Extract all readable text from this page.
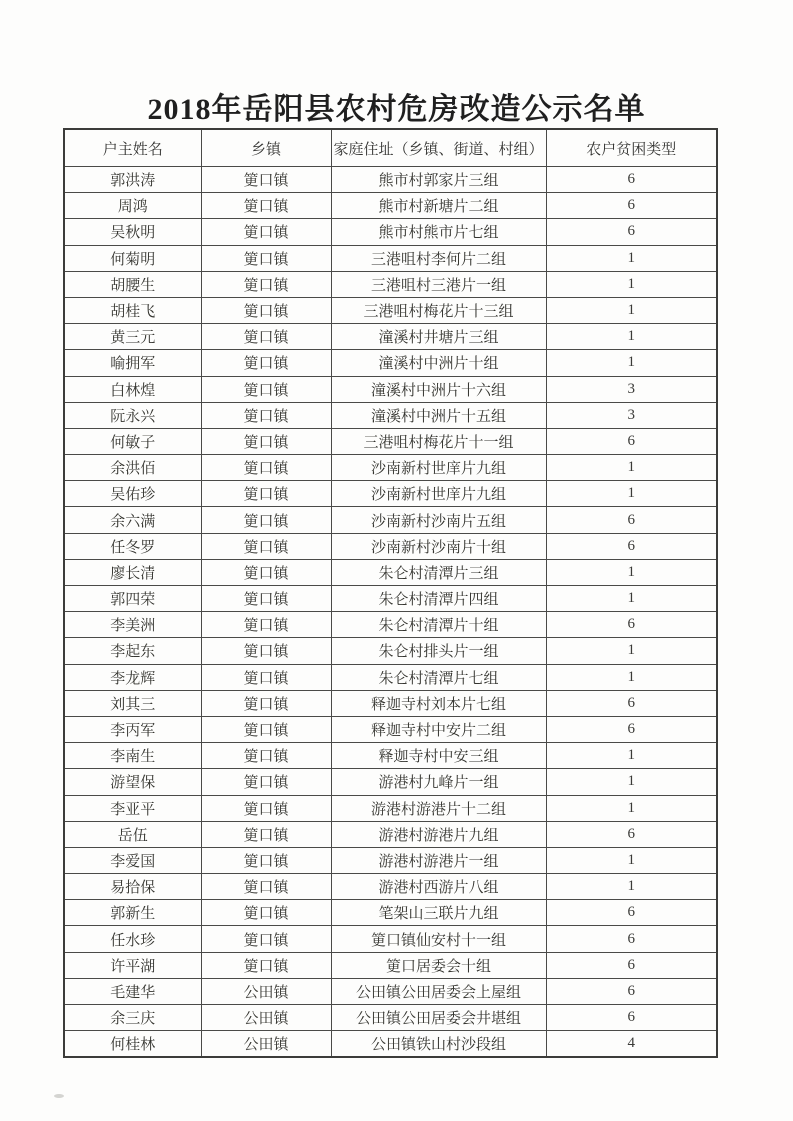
2018年岳阳县农村危房改造公示名单
户主姓名	乡镇	家庭住址（乡镇、街道、村组）	农户贫困类型
郭洪涛	筻口镇	熊市村郭家片三组	6
周鸿	筻口镇	熊市村新塘片二组	6
吴秋明	筻口镇	熊市村熊市片七组	6
何菊明	筻口镇	三港咀村李何片二组	1
胡腰生	筻口镇	三港咀村三港片一组	1
胡桂飞	筻口镇	三港咀村梅花片十三组	1
黄三元	筻口镇	潼溪村井塘片三组	1
喻拥军	筻口镇	潼溪村中洲片十组	1
白林煌	筻口镇	潼溪村中洲片十六组	3
阮永兴	筻口镇	潼溪村中洲片十五组	3
何敏子	筻口镇	三港咀村梅花片十一组	6
余洪佰	筻口镇	沙南新村世庠片九组	1
吴佑珍	筻口镇	沙南新村世庠片九组	1
余六满	筻口镇	沙南新村沙南片五组	6
任冬罗	筻口镇	沙南新村沙南片十组	6
廖长清	筻口镇	朱仑村清潭片三组	1
郭四荣	筻口镇	朱仑村清潭片四组	1
李美洲	筻口镇	朱仑村清潭片十组	6
李起东	筻口镇	朱仑村排头片一组	1
李龙辉	筻口镇	朱仑村清潭片七组	1
刘其三	筻口镇	释迦寺村刘本片七组	6
李丙军	筻口镇	释迦寺村中安片二组	6
李南生	筻口镇	释迦寺村中安三组	1
游望保	筻口镇	游港村九峰片一组	1
李亚平	筻口镇	游港村游港片十二组	1
岳伍	筻口镇	游港村游港片九组	6
李爱国	筻口镇	游港村游港片一组	1
易拾保	筻口镇	游港村西游片八组	1
郭新生	筻口镇	笔架山三联片九组	6
任水珍	筻口镇	筻口镇仙安村十一组	6
许平湖	筻口镇	筻口居委会十组	6
毛建华	公田镇	公田镇公田居委会上屋组	6
余三庆	公田镇	公田镇公田居委会井堪组	6
何桂林	公田镇	公田镇铁山村沙段组	4
